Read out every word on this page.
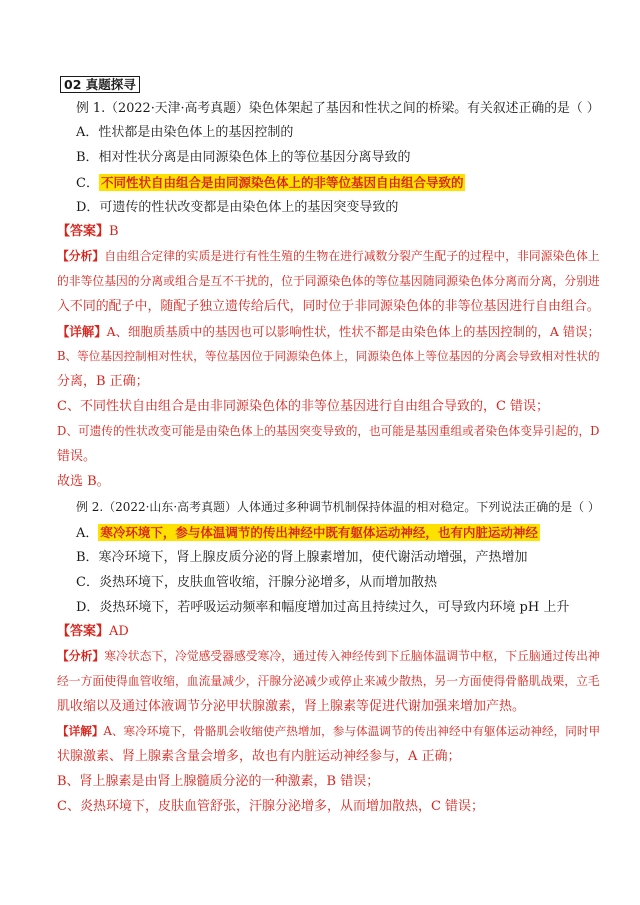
02 真题探寻
例 1.（2022·天津·高考真题）染色体架起了基因和性状之间的桥梁。有关叙述正确的是（ ）
A．性状都是由染色体上的基因控制的
B．相对性状分离是由同源染色体上的等位基因分离导致的
C． 不同性状自由组合是由同源染色体上的非等位基因自由组合导致的
D．可遗传的性状改变都是由染色体上的基因突变导致的
【答案】B
【分析】自由组合定律的实质是进行有性生殖的生物在进行减数分裂产生配子的过程中，非同源染色体上
的非等位基因的分离或组合是互不干扰的，位于同源染色体的等位基因随同源染色体分离而分离，分别进
入不同的配子中，随配子独立遗传给后代，同时位于非同源染色体的非等位基因进行自由组合。
【详解】A、细胞质基质中的基因也可以影响性状，性状不都是由染色体上的基因控制的，A 错误；
B、等位基因控制相对性状，等位基因位于同源染色体上，同源染色体上等位基因的分离会导致相对性状的
分离，B 正确；
C、不同性状自由组合是由非同源染色体的非等位基因进行自由组合导致的，C 错误；
D、可遗传的性状改变可能是由染色体上的基因突变导致的，也可能是基因重组或者染色体变异引起的，D
错误。
故选 B。
例 2.（2022·山东·高考真题）人体通过多种调节机制保持体温的相对稳定。下列说法正确的是（ ）
A． 寒冷环境下，参与体温调节的传出神经中既有躯体运动神经，也有内脏运动神经
B．寒冷环境下，肾上腺皮质分泌的肾上腺素增加，使代谢活动增强，产热增加
C．炎热环境下，皮肤血管收缩，汗腺分泌增多，从而增加散热
D．炎热环境下，若呼吸运动频率和幅度增加过高且持续过久，可导致内环境 pH 上升
【答案】AD
【分析】寒冷状态下，冷觉感受器感受寒冷，通过传入神经传到下丘脑体温调节中枢，下丘脑通过传出神
经一方面使得血管收缩，血流量减少，汗腺分泌减少或停止来减少散热，另一方面使得骨骼肌战栗，立毛
肌收缩以及通过体液调节分泌甲状腺激素，肾上腺素等促进代谢加强来增加产热。
【详解】A、寒冷环境下，骨骼肌会收缩使产热增加，参与体温调节的传出神经中有躯体运动神经，同时甲
状腺激素、肾上腺素含量会增多，故也有内脏运动神经参与，A 正确；
B、肾上腺素是由肾上腺髓质分泌的一种激素，B 错误；
C、炎热环境下，皮肤血管舒张，汗腺分泌增多，从而增加散热，C 错误；
